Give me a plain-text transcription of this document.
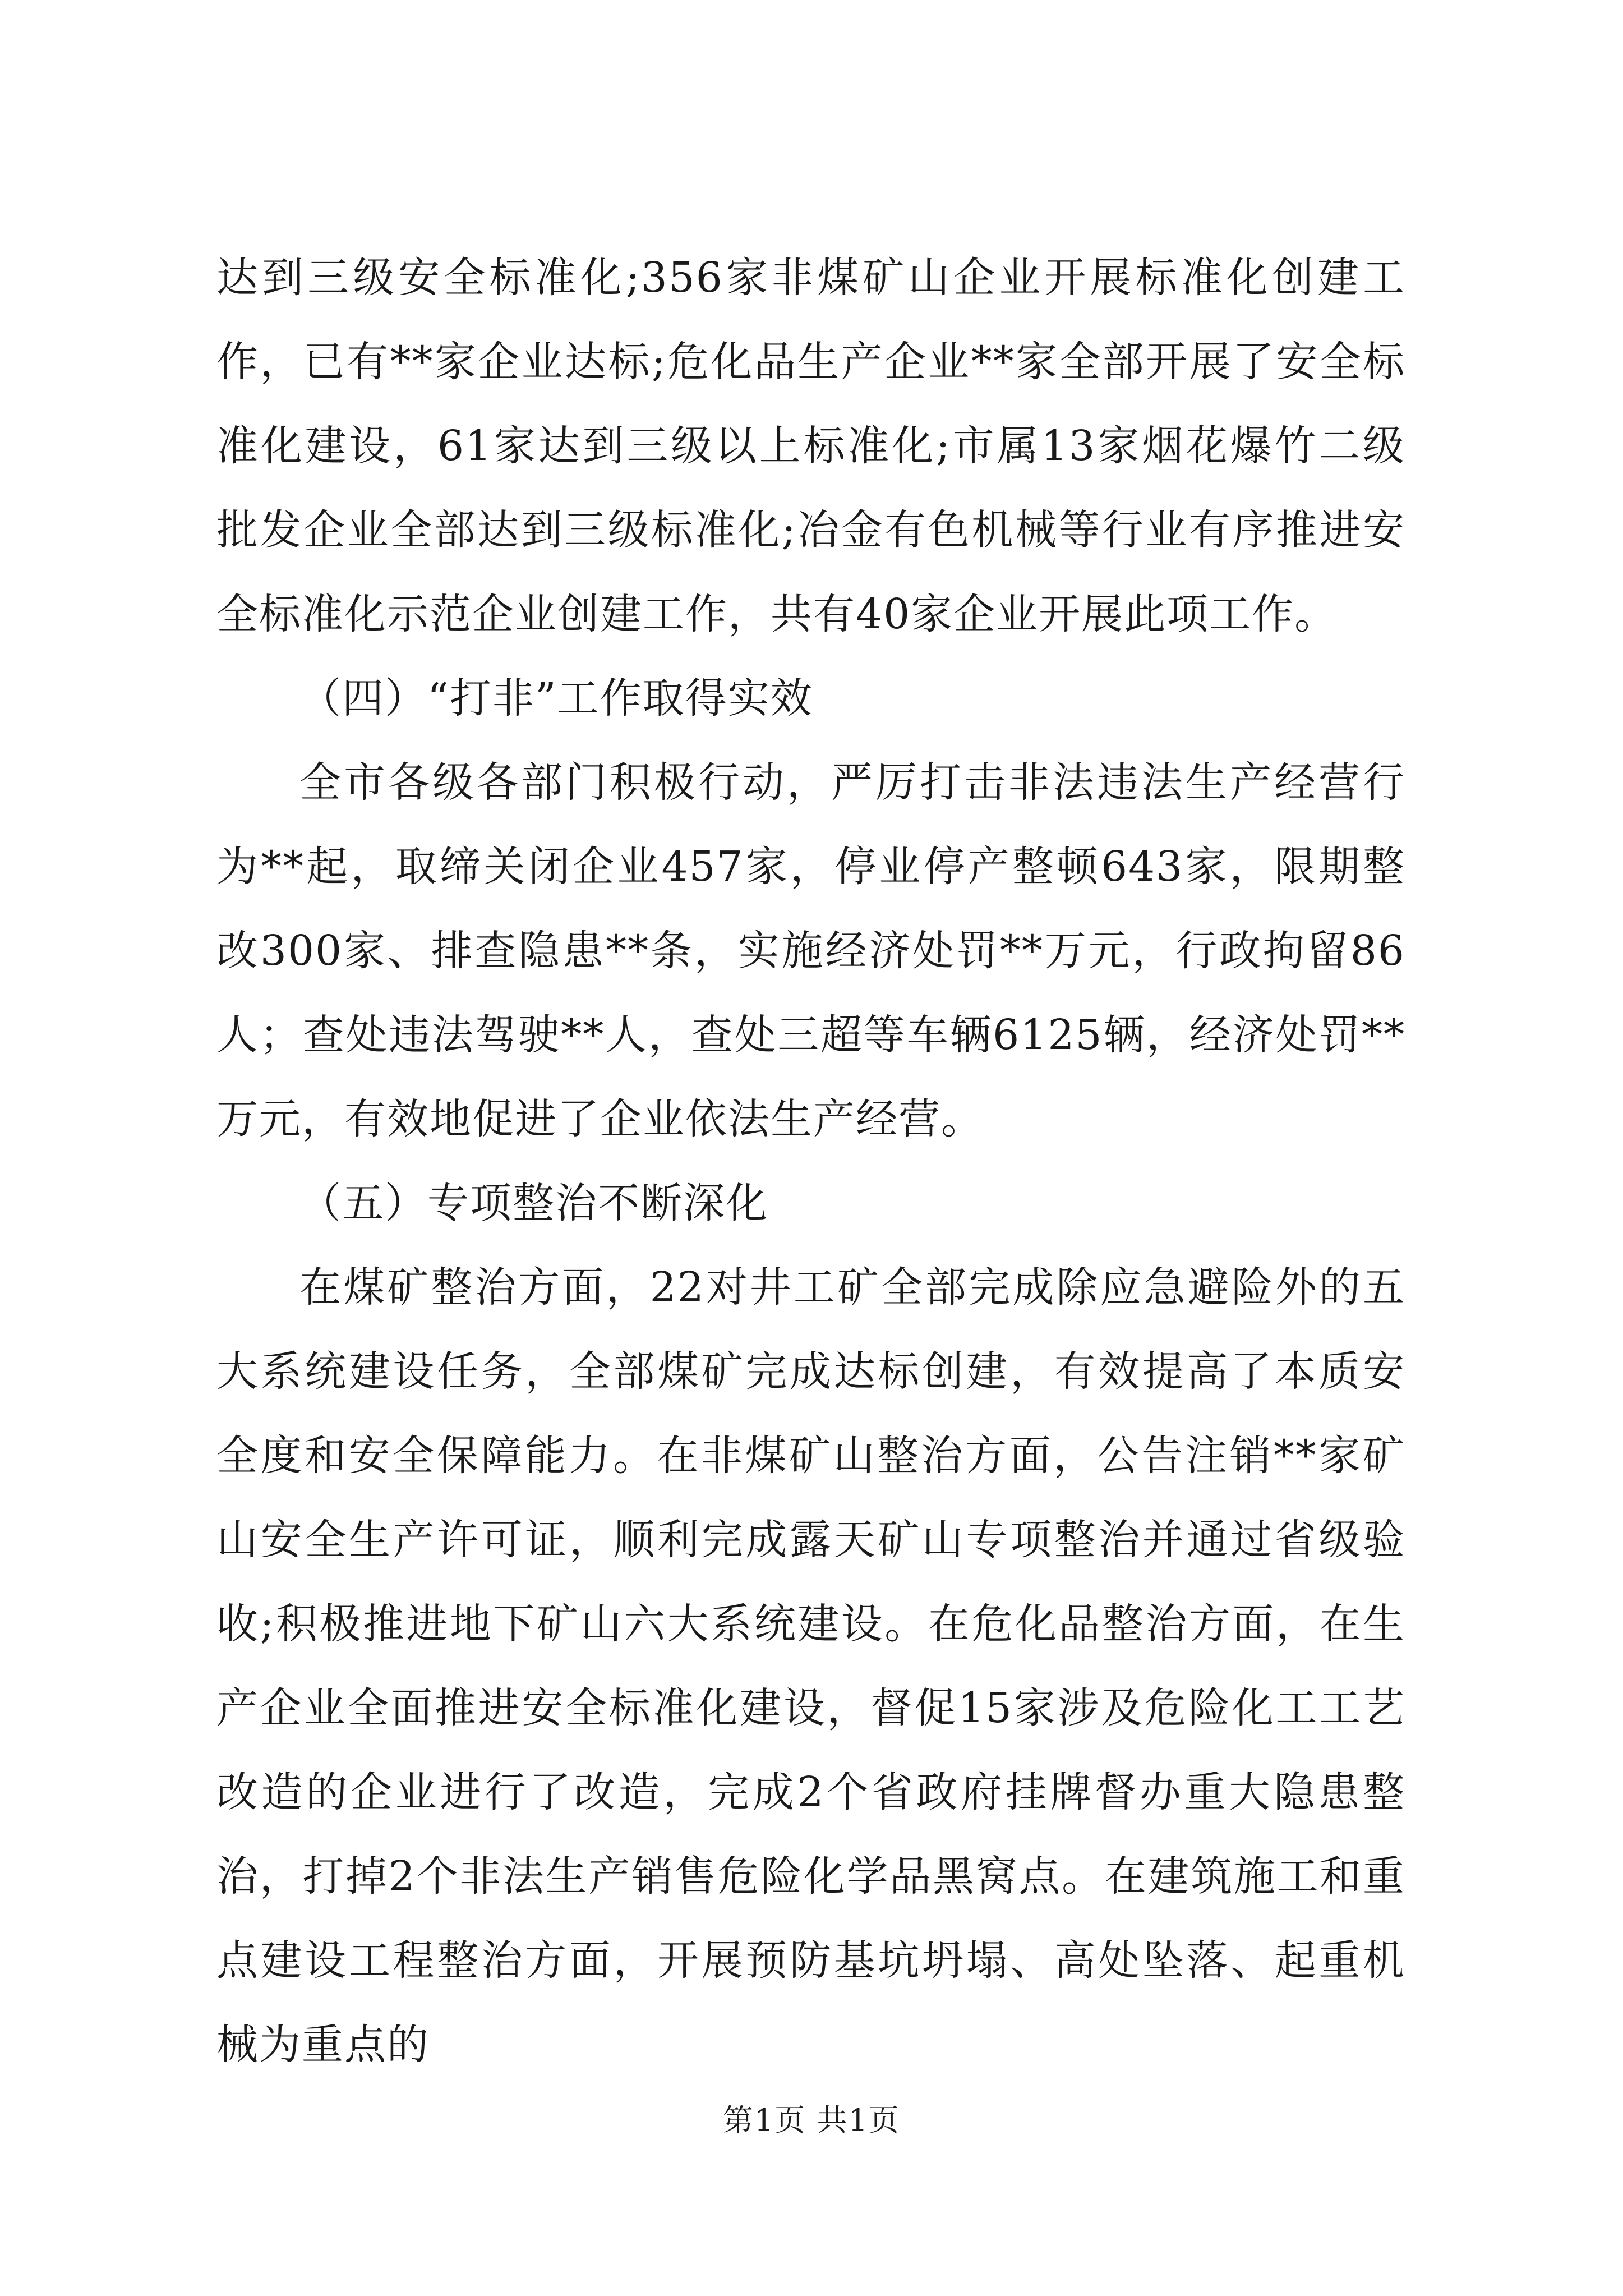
达到三级安全标准化;356家非煤矿山企业开展标准化创建工作，已有**家企业达标;危化品生产企业**家全部开展了安全标准化建设，61家达到三级以上标准化;市属13家烟花爆竹二级批发企业全部达到三级标准化;冶金有色机械等行业有序推进安全标准化示范企业创建工作，共有40家企业开展此项工作。

（四）“打非”工作取得实效

全市各级各部门积极行动，严厉打击非法违法生产经营行为**起，取缔关闭企业457家，停业停产整顿643家，限期整改300家、排查隐患**条，实施经济处罚**万元，行政拘留86人；查处违法驾驶**人，查处三超等车辆6125辆，经济处罚**万元，有效地促进了企业依法生产经营。

（五）专项整治不断深化

在煤矿整治方面，22对井工矿全部完成除应急避险外的五大系统建设任务，全部煤矿完成达标创建，有效提高了本质安全度和安全保障能力。在非煤矿山整治方面，公告注销**家矿山安全生产许可证，顺利完成露天矿山专项整治并通过省级验收;积极推进地下矿山六大系统建设。在危化品整治方面，在生产企业全面推进安全标准化建设，督促15家涉及危险化工工艺改造的企业进行了改造，完成2个省政府挂牌督办重大隐患整治，打掉2个非法生产销售危险化学品黑窝点。在建筑施工和重点建设工程整治方面，开展预防基坑坍塌、高处坠落、起重机械为重点的

第1页 共1页
